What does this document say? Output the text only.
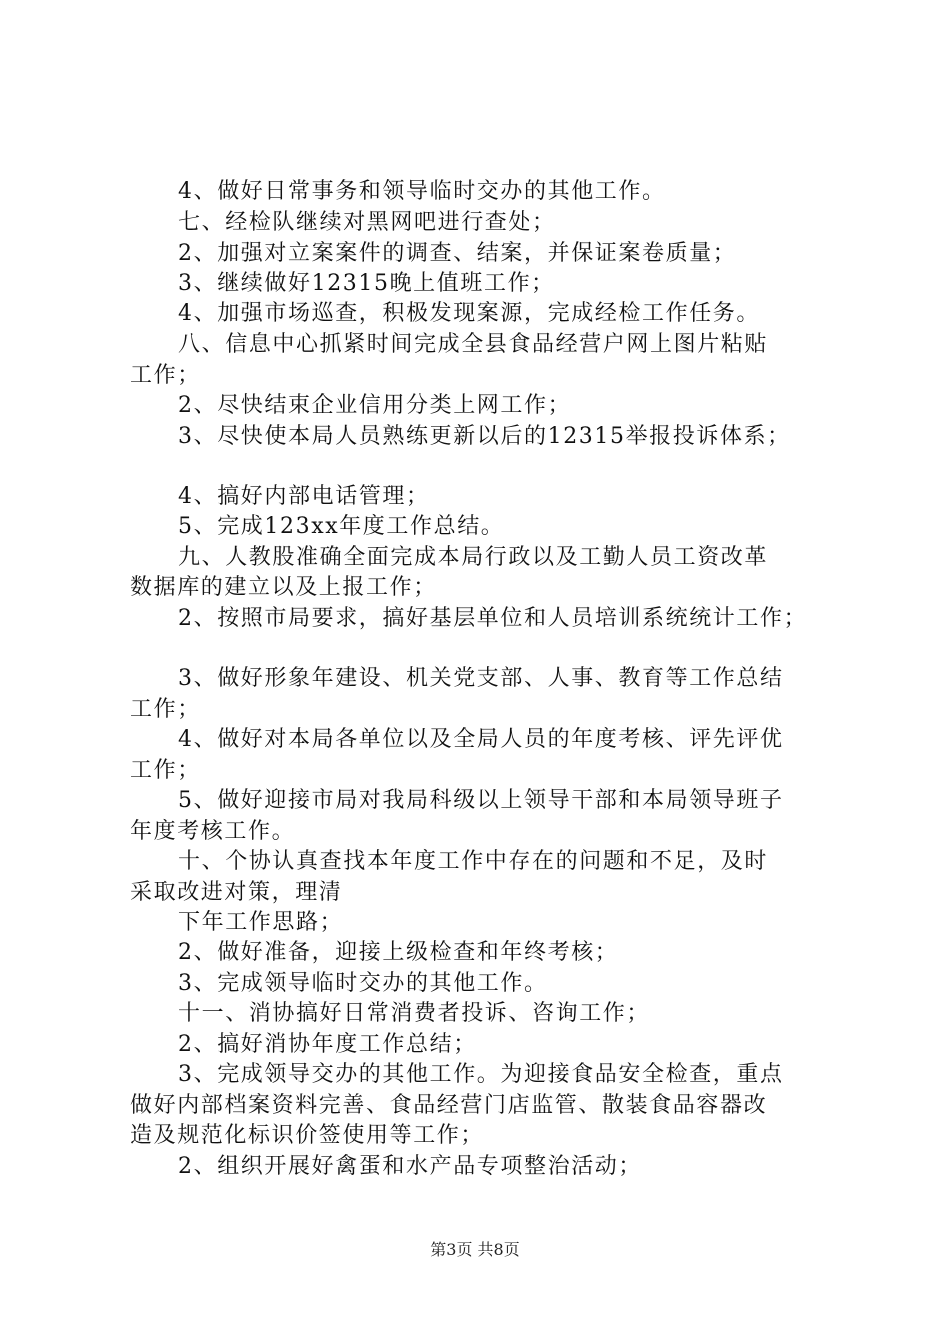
4、做好日常事务和领导临时交办的其他工作。
七、经检队继续对黑网吧进行查处；
2、加强对立案案件的调查、结案，并保证案卷质量；
3、继续做好12315晚上值班工作；
4、加强市场巡查，积极发现案源，完成经检工作任务。
八、信息中心抓紧时间完成全县食品经营户网上图片粘贴
工作；
2、尽快结束企业信用分类上网工作；
3、尽快使本局人员熟练更新以后的12315举报投诉体系；
4、搞好内部电话管理；
5、完成123xx年度工作总结。
九、人教股准确全面完成本局行政以及工勤人员工资改革
数据库的建立以及上报工作；
2、按照市局要求，搞好基层单位和人员培训系统统计工作；
3、做好形象年建设、机关党支部、人事、教育等工作总结
工作；
4、做好对本局各单位以及全局人员的年度考核、评先评优
工作；
5、做好迎接市局对我局科级以上领导干部和本局领导班子
年度考核工作。
十、个协认真查找本年度工作中存在的问题和不足，及时
采取改进对策，理清
下年工作思路；
2、做好准备，迎接上级检查和年终考核；
3、完成领导临时交办的其他工作。
十一、消协搞好日常消费者投诉、咨询工作；
2、搞好消协年度工作总结；
3、完成领导交办的其他工作。为迎接食品安全检查，重点
做好内部档案资料完善、食品经营门店监管、散装食品容器改
造及规范化标识价签使用等工作；
2、组织开展好禽蛋和水产品专项整治活动；
第3页 共8页
